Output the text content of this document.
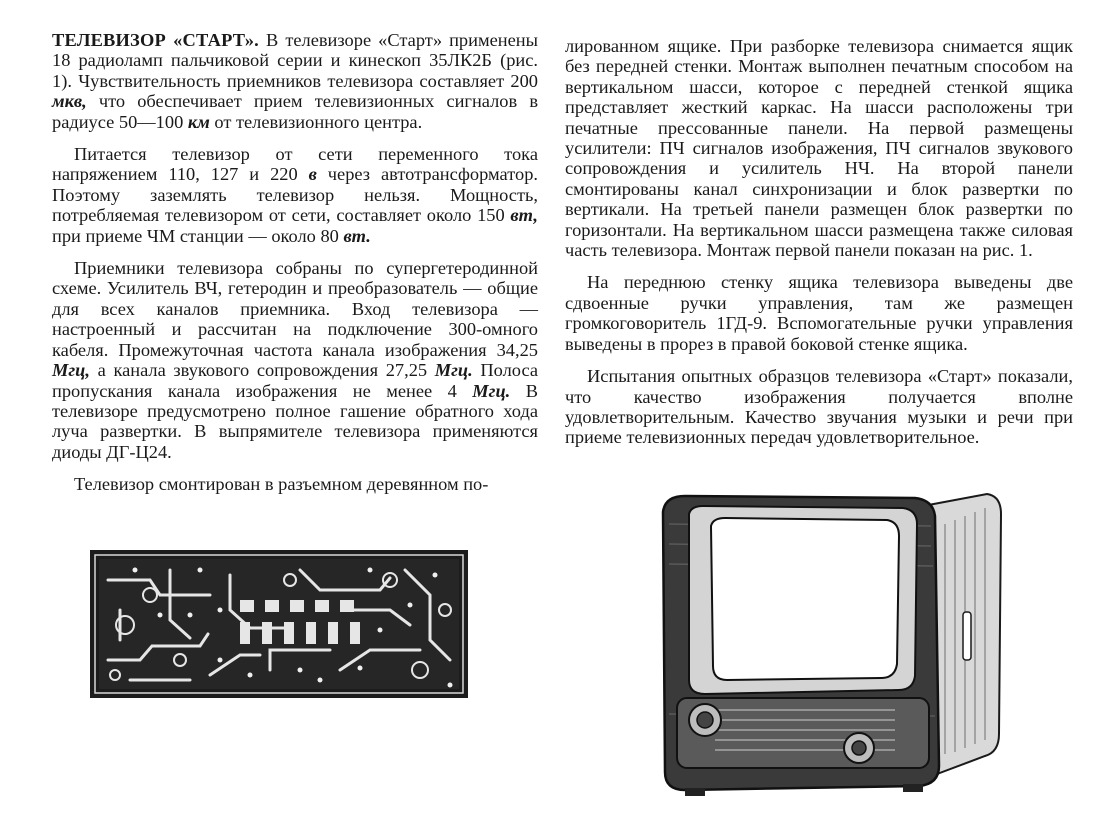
ТЕЛЕВИЗОР «СТАРТ». В телевизоре «Старт» применены 18 радиоламп пальчиковой серии и кинескоп 35ЛК2Б (рис. 1). Чувствительность приемников телевизора составляет 200 мкв, что обеспечивает прием телевизионных сигналов в радиусе 50—100 км от телевизионного центра.

Питается телевизор от сети переменного тока напряжением 110, 127 и 220 в через автотрансформатор. Поэтому заземлять телевизор нельзя. Мощность, потребляемая телевизором от сети, составляет около 150 вт, при приеме ЧМ станции — около 80 вт.

Приемники телевизора собраны по супергетеродинной схеме. Усилитель ВЧ, гетеродин и преобразователь — общие для всех каналов приемника. Вход телевизора — настроенный и рассчитан на подключение 300-омного кабеля. Промежуточная частота канала изображения 34,25 Мгц, а канала звукового сопровождения 27,25 Мгц. Полоса пропускания канала изображения не менее 4 Мгц. В телевизоре предусмотрено полное гашение обратного хода луча развертки. В выпрямителе телевизора применяются диоды ДГ-Ц24.

Телевизор смонтирован в разъемном деревянном по-

лированном ящике. При разборке телевизора снимается ящик без передней стенки. Монтаж выполнен печатным способом на вертикальном шасси, которое с передней стенкой ящика представляет жесткий каркас. На шасси расположены три печатные прессованные панели. На первой размещены усилители: ПЧ сигналов изображения, ПЧ сигналов звукового сопровождения и усилитель НЧ. На второй панели смонтированы канал синхронизации и блок развертки по вертикали. На третьей панели размещен блок развертки по горизонтали. На вертикальном шасси размещена также силовая часть телевизора. Монтаж первой панели показан на рис. 1.

На переднюю стенку ящика телевизора выведены две сдвоенные ручки управления, там же размещен громкоговоритель 1ГД-9. Вспомогательные ручки управления выведены в прорез в правой боковой стенке ящика.

Испытания опытных образцов телевизора «Старт» показали, что качество изображения получается вполне удовлетворительным. Качество звучания музыки и речи при приеме телевизионных передач удовлетворительное.
